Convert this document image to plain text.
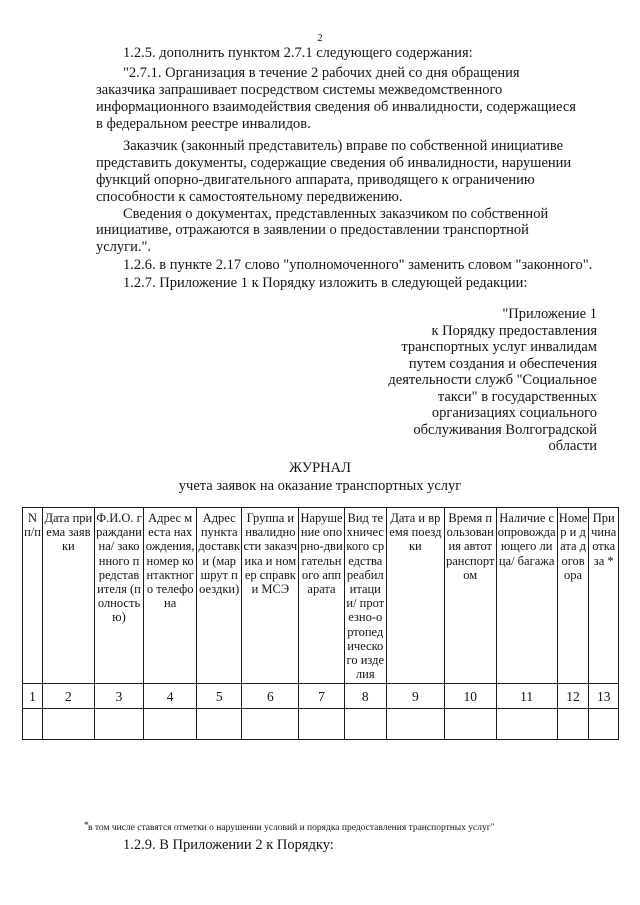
2
1.2.5. дополнить пунктом 2.7.1 следующего содержания:
"2.7.1. Организация в течение 2 рабочих дней со дня обращения
заказчика запрашивает посредством системы межведомственного
информационного взаимодействия сведения об инвалидности, содержащиеся
в федеральном реестре инвалидов.
Заказчик (законный представитель) вправе по собственной инициативе
представить документы, содержащие сведения об инвалидности, нарушении
функций опорно-двигательного аппарата, приводящего к ограничению
способности к самостоятельному передвижению.
Сведения о документах, представленных заказчиком по собственной
инициативе, отражаются в заявлении о предоставлении транспортной
услуги.".
1.2.6. в пункте 2.17 слово "уполномоченного" заменить словом "законного".
1.2.7. Приложение 1 к Порядку изложить в следующей редакции:
"Приложение 1
к Порядку предоставления
транспортных услуг инвалидам
путем создания и обеспечения
деятельности служб "Социальное
такси" в государственных
организациях социального
обслуживания Волгоградской
области
ЖУРНАЛ
учета заявок на оказание транспортных услуг
N п/п	Дата приема заявки	Ф.И.О. гражданина/ законного представителя (полностью)	Адрес места нахождения, номер контактного телефона	Адрес пункта доставки (маршрут поездки)	Группа инвалидности заказчика и номер справки МСЭ	Нарушение опорно-двигательного аппарата	Вид технического средства реабилитации/ протезно-ортопедического изделия	Дата и время поездки	Время пользования автотранспортом	Наличие сопровождающего лица/ багажа	Номер и дата договора	Причина отказа *
1	2	3	4	5	6	7	8	9	10	11	12	13

* в том числе ставятся отметки о нарушении условий и порядка предоставления транспортных услуг"
1.2.9. В Приложении 2 к Порядку:
